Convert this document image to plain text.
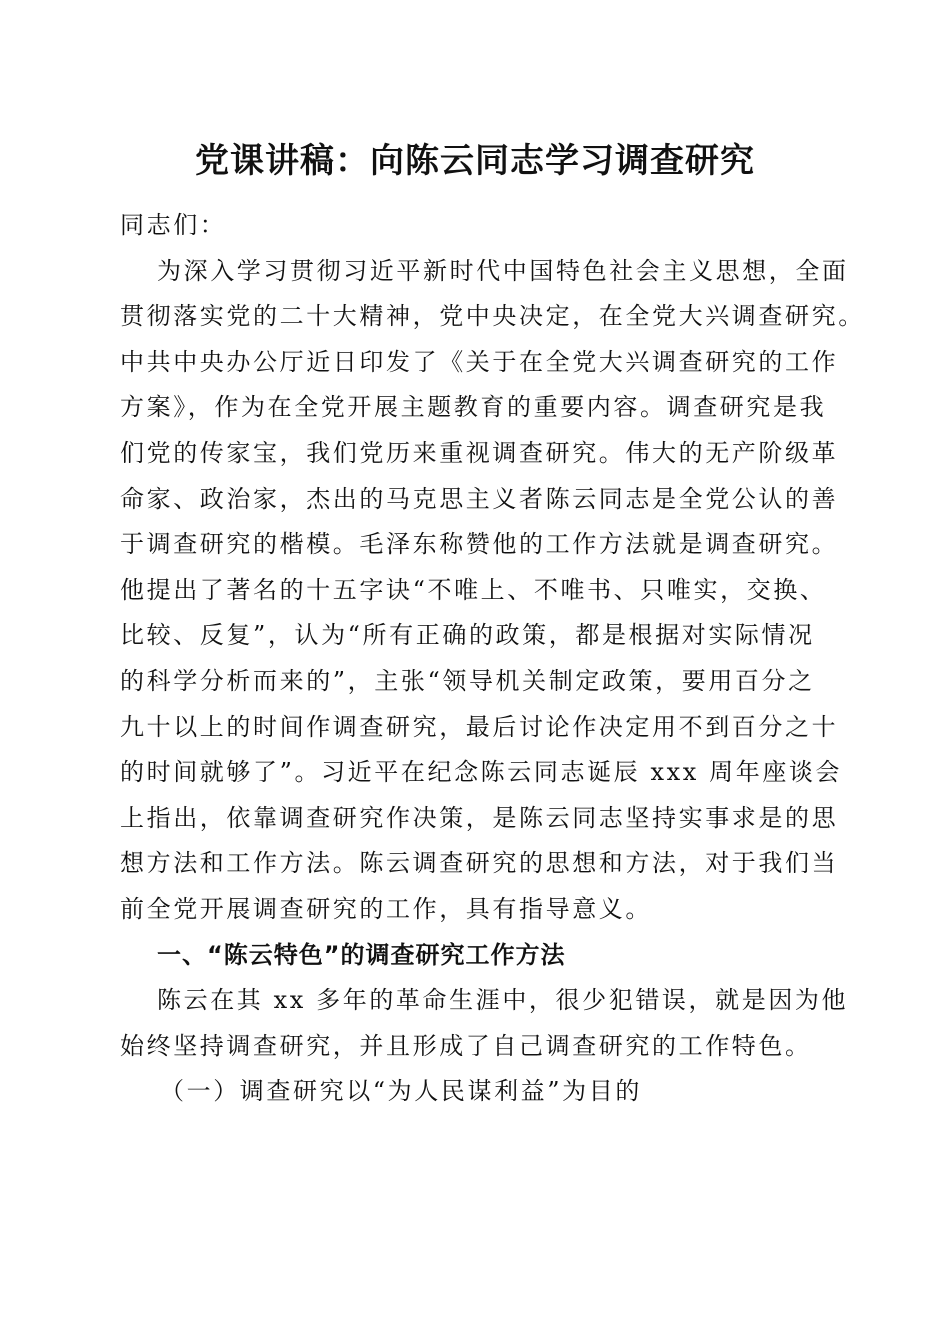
党课讲稿：向陈云同志学习调查研究
同志们：
为深入学习贯彻习近平新时代中国特色社会主义思想，全面
贯彻落实党的二十大精神，党中央决定，在全党大兴调查研究。
中共中央办公厅近日印发了《关于在全党大兴调查研究的工作
方案》，作为在全党开展主题教育的重要内容。调查研究是我
们党的传家宝，我们党历来重视调查研究。伟大的无产阶级革
命家、政治家，杰出的马克思主义者陈云同志是全党公认的善
于调查研究的楷模。毛泽东称赞他的工作方法就是调查研究。
他提出了著名的十五字诀“不唯上、不唯书、只唯实，交换、
比较、反复”，认为“所有正确的政策，都是根据对实际情况
的科学分析而来的”，主张“领导机关制定政策，要用百分之
九十以上的时间作调查研究，最后讨论作决定用不到百分之十
的时间就够了”。习近平在纪念陈云同志诞辰 xxx 周年座谈会
上指出，依靠调查研究作决策，是陈云同志坚持实事求是的思
想方法和工作方法。陈云调查研究的思想和方法，对于我们当
前全党开展调查研究的工作，具有指导意义。
一、“陈云特色”的调查研究工作方法
陈云在其 xx 多年的革命生涯中，很少犯错误，就是因为他
始终坚持调查研究，并且形成了自己调查研究的工作特色。
（一）调查研究以“为人民谋利益”为目的
